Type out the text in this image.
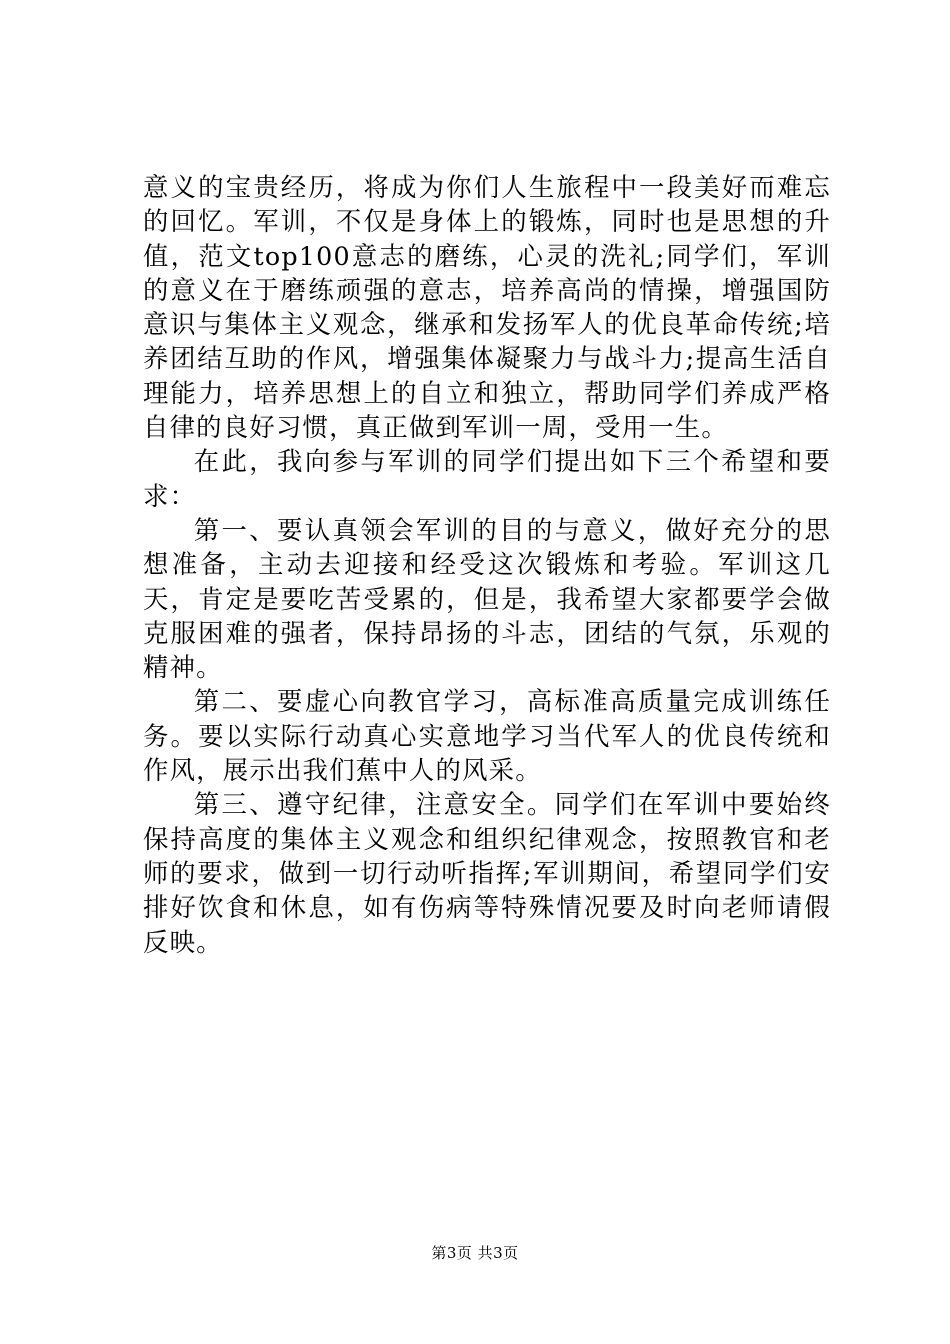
意义的宝贵经历，将成为你们人生旅程中一段美好而难忘的回忆。军训，不仅是身体上的锻炼，同时也是思想的升值，范文top100意志的磨练，心灵的洗礼;同学们，军训的意义在于磨练顽强的意志，培养高尚的情操，增强国防意识与集体主义观念，继承和发扬军人的优良革命传统;培养团结互助的作风，增强集体凝聚力与战斗力;提高生活自理能力，培养思想上的自立和独立，帮助同学们养成严格自律的良好习惯，真正做到军训一周，受用一生。

在此，我向参与军训的同学们提出如下三个希望和要求：

第一、要认真领会军训的目的与意义，做好充分的思想准备，主动去迎接和经受这次锻炼和考验。军训这几天，肯定是要吃苦受累的，但是，我希望大家都要学会做克服困难的强者，保持昂扬的斗志，团结的气氛，乐观的精神。

第二、要虚心向教官学习，高标准高质量完成训练任务。要以实际行动真心实意地学习当代军人的优良传统和作风，展示出我们蕉中人的风采。

第三、遵守纪律，注意安全。同学们在军训中要始终保持高度的集体主义观念和组织纪律观念，按照教官和老师的要求，做到一切行动听指挥;军训期间，希望同学们安排好饮食和休息，如有伤病等特殊情况要及时向老师请假反映。

第3页 共3页
